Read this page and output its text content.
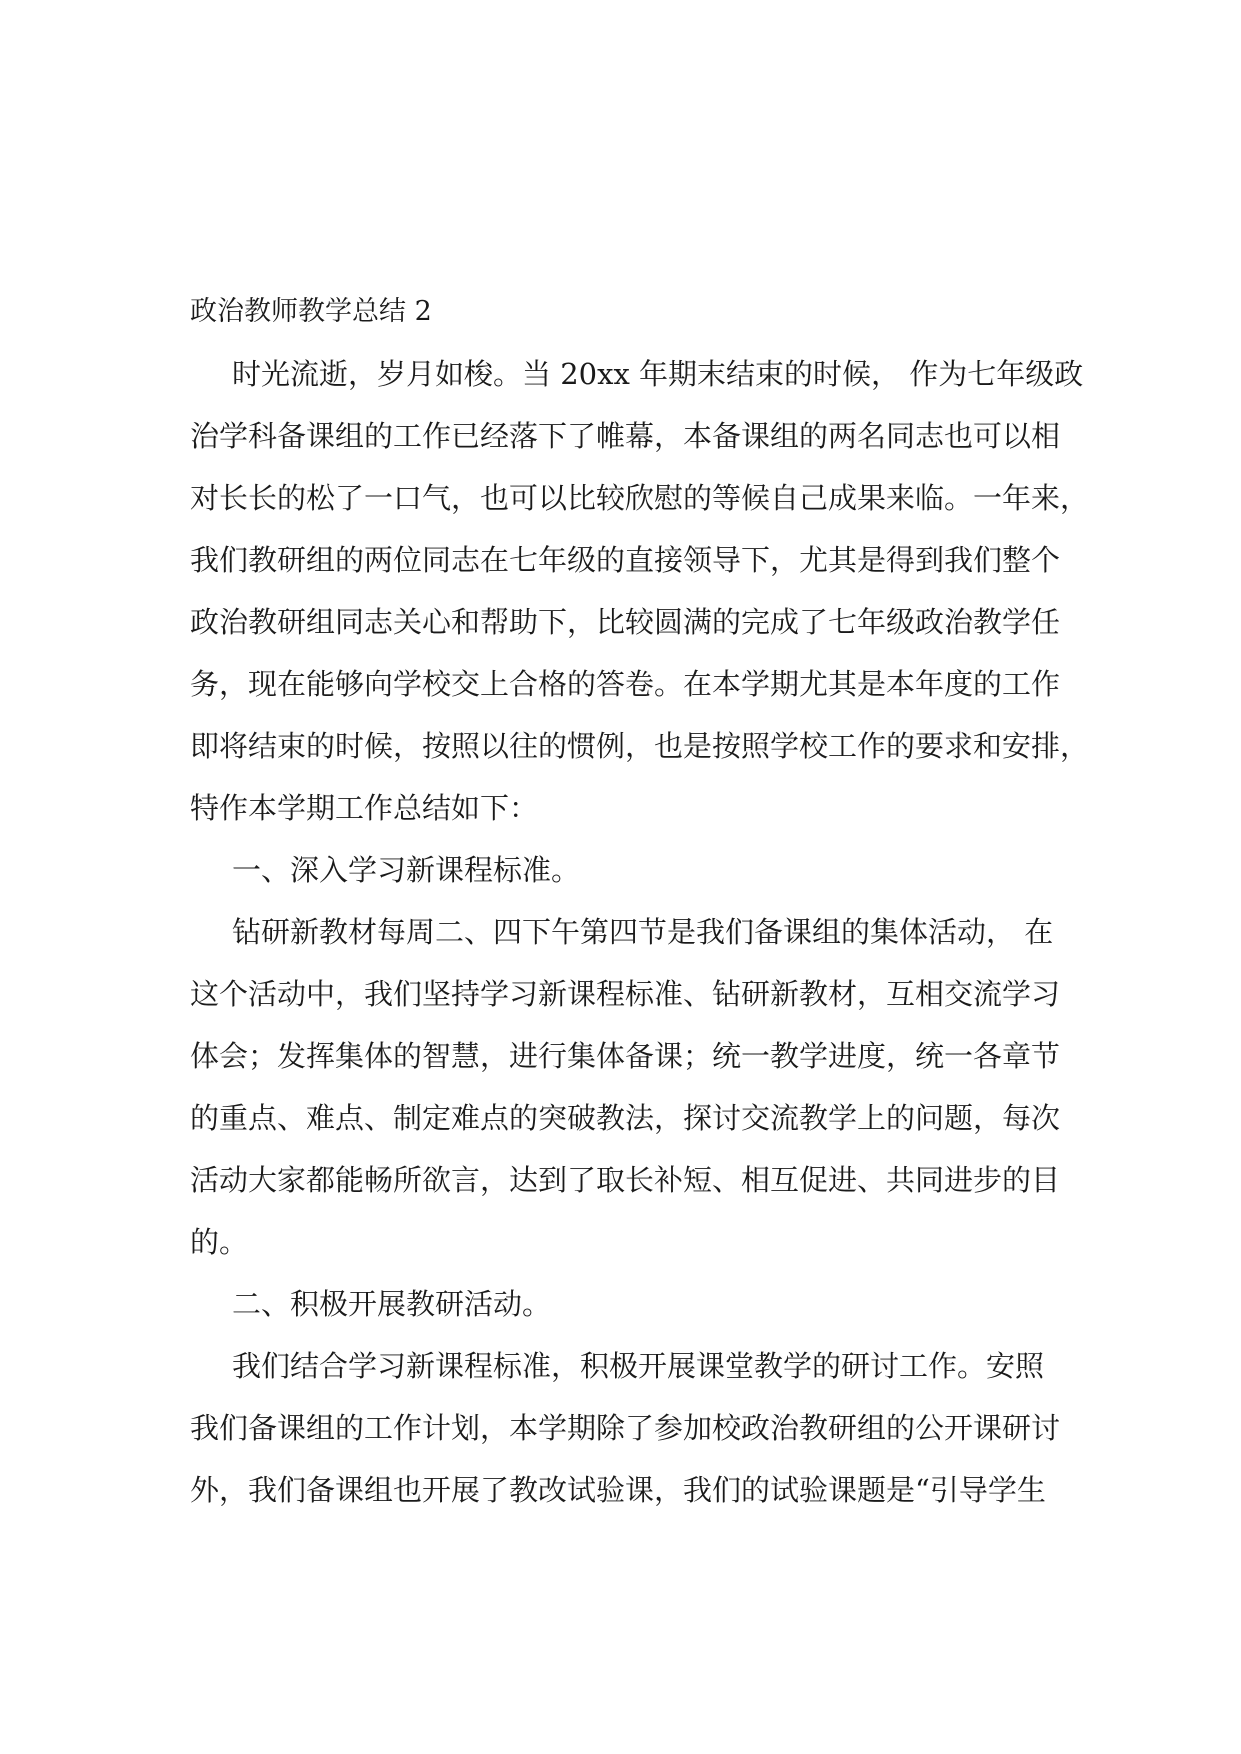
政治教师教学总结 2

时光流逝，岁月如梭。当 20xx 年期末结束的时候， 作为七年级政

治学科备课组的工作已经落下了帷幕，本备课组的两名同志也可以相

对长长的松了一口气，也可以比较欣慰的等候自己成果来临。一年来，

我们教研组的两位同志在七年级的直接领导下，尤其是得到我们整个

政治教研组同志关心和帮助下，比较圆满的完成了七年级政治教学任

务，现在能够向学校交上合格的答卷。在本学期尤其是本年度的工作

即将结束的时候，按照以往的惯例，也是按照学校工作的要求和安排，

特作本学期工作总结如下：

一、深入学习新课程标准。

钻研新教材每周二、四下午第四节是我们备课组的集体活动， 在

这个活动中，我们坚持学习新课程标准、钻研新教材，互相交流学习

体会；发挥集体的智慧，进行集体备课；统一教学进度，统一各章节

的重点、难点、制定难点的突破教法，探讨交流教学上的问题，每次

活动大家都能畅所欲言，达到了取长补短、相互促进、共同进步的目

的。

二、积极开展教研活动。

我们结合学习新课程标准，积极开展课堂教学的研讨工作。安照

我们备课组的工作计划，本学期除了参加校政治教研组的公开课研讨

外，我们备课组也开展了教改试验课，我们的试验课题是“引导学生
